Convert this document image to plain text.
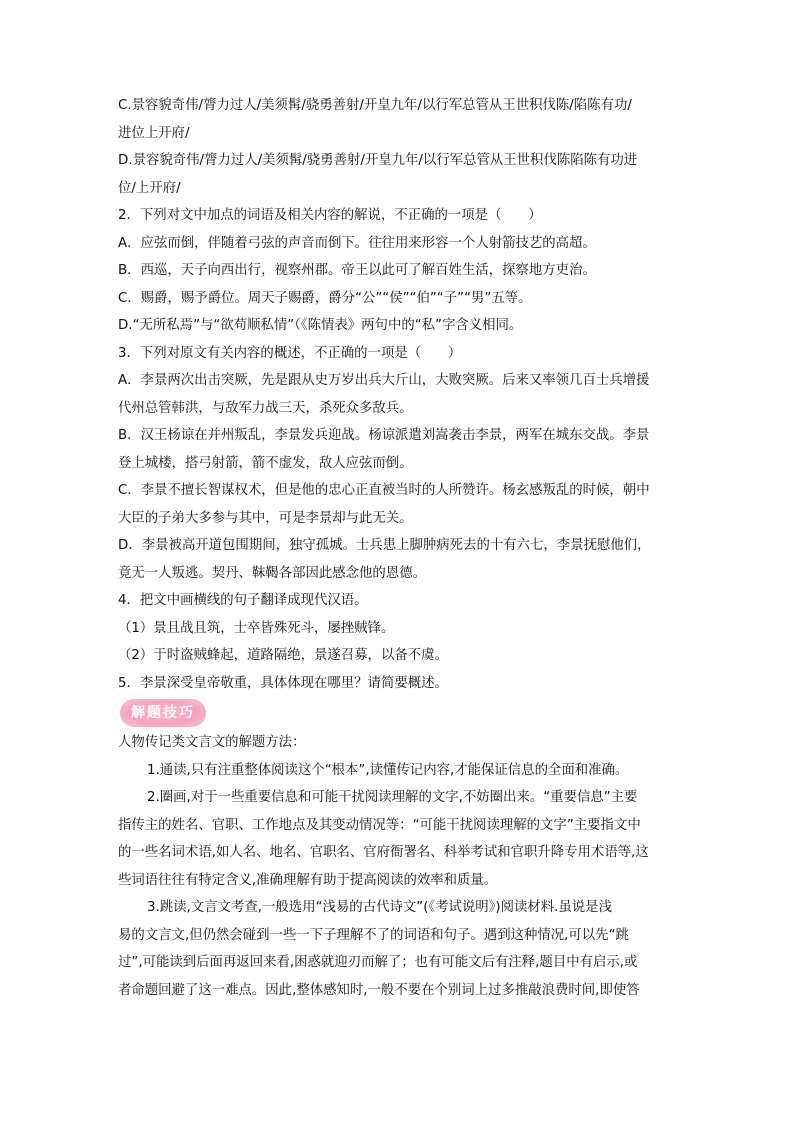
C.景容貌奇伟/膂力过人/美须髯/骁勇善射/开皇九年/以行军总管从王世积伐陈/陷陈有功/

进位上开府/

D.景容貌奇伟/膂力过人/美须髯/骁勇善射/开皇九年/以行军总管从王世积伐陈陷陈有功进

位/上开府/

2．下列对文中加点的词语及相关内容的解说，不正确的一项是（　　）

A．应弦而倒，伴随着弓弦的声音而倒下。往往用来形容一个人射箭技艺的高超。

B．西巡，天子向西出行，视察州郡。帝王以此可了解百姓生活，探察地方吏治。

C．赐爵，赐予爵位。周天子赐爵，爵分“公”“侯”“伯”“子”“男”五等。

D.“无所私焉”与“欲苟顺私情”（《陈情表》两句中的“私”字含义相同。

3．下列对原文有关内容的概述，不正确的一项是（　　）

A．李景两次出击突厥，先是跟从史万岁出兵大斤山，大败突厥。后来又率领几百士兵增援

代州总管韩洪，与敌军力战三天，杀死众多敌兵。

B．汉王杨谅在并州叛乱，李景发兵迎战。杨谅派遣刘嵩袭击李景，两军在城东交战。李景

登上城楼，搭弓射箭，箭不虚发，敌人应弦而倒。

C．李景不擅长智谋权术，但是他的忠心正直被当时的人所赞许。杨玄感叛乱的时候，朝中

大臣的子弟大多参与其中，可是李景却与此无关。

D．李景被高开道包围期间，独守孤城。士兵患上脚肿病死去的十有六七，李景抚慰他们，

竟无一人叛逃。契丹、靺鞨各部因此感念他的恩德。

4．把文中画横线的句子翻译成现代汉语。

（1）景且战且筑，士卒皆殊死斗，屡挫贼锋。

（2）于时盗贼蜂起，道路隔绝，景遂召募，以备不虞。

5．李景深受皇帝敬重，具体体现在哪里？请简要概述。

解题技巧

人物传记类文言文的解题方法：

1.通读,只有注重整体阅读这个“根本”,读懂传记内容,才能保证信息的全面和准确。

2.圈画,对于一些重要信息和可能干扰阅读理解的文字,不妨圈出来。“重要信息”主要

指传主的姓名、官职、工作地点及其变动情况等：“可能干扰阅读理解的文字”主要指文中

的一些名词术语,如人名、地名、官职名、官府衙署名、科举考试和官职升降专用术语等,这

些词语往往有特定含义,准确理解有助于提高阅读的效率和质量。

3.跳读,文言文考查,一般选用“浅易的古代诗文”(《考试说明》)阅读材料.虽说是浅

易的文言文,但仍然会碰到一些一下子理解不了的词语和句子。遇到这种情况,可以先“跳

过”,可能读到后面再返回来看,困惑就迎刃而解了；也有可能文后有注释,题目中有启示,或

者命题回避了这一难点。因此,整体感知时,一般不要在个别词上过多推敲浪费时间,即使答
